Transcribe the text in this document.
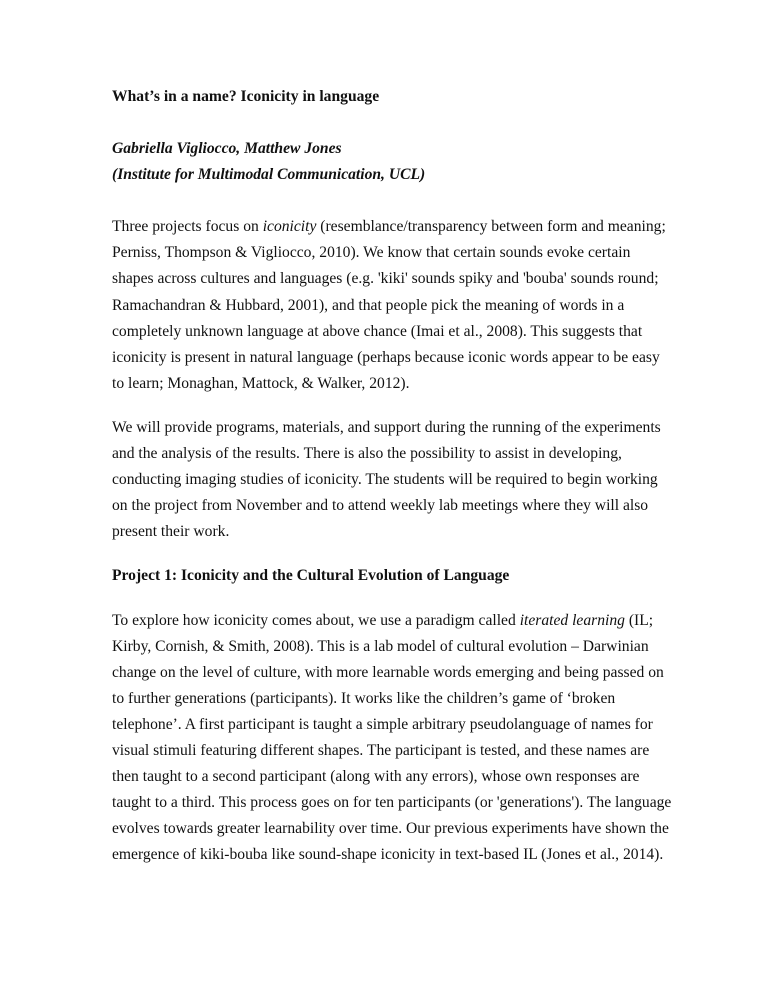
What’s in a name? Iconicity in language
Gabriella Vigliocco, Matthew Jones
(Institute for Multimodal Communication, UCL)
Three projects focus on iconicity (resemblance/transparency between form and meaning;
Perniss, Thompson & Vigliocco, 2010). We know that certain sounds evoke certain
shapes across cultures and languages (e.g. 'kiki' sounds spiky and 'bouba' sounds round;
Ramachandran & Hubbard, 2001), and that people pick the meaning of words in a
completely unknown language at above chance (Imai et al., 2008). This suggests that
iconicity is present in natural language (perhaps because iconic words appear to be easy
to learn; Monaghan, Mattock, & Walker, 2012).
We will provide programs, materials, and support during the running of the experiments
and the analysis of the results. There is also the possibility to assist in developing,
conducting imaging studies of iconicity. The students will be required to begin working
on the project from November and to attend weekly lab meetings where they will also
present their work.
Project 1: Iconicity and the Cultural Evolution of Language
To explore how iconicity comes about, we use a paradigm called iterated learning (IL;
Kirby, Cornish, & Smith, 2008). This is a lab model of cultural evolution – Darwinian
change on the level of culture, with more learnable words emerging and being passed on
to further generations (participants). It works like the children’s game of ‘broken
telephone’. A first participant is taught a simple arbitrary pseudolanguage of names for
visual stimuli featuring different shapes. The participant is tested, and these names are
then taught to a second participant (along with any errors), whose own responses are
taught to a third. This process goes on for ten participants (or 'generations'). The language
evolves towards greater learnability over time. Our previous experiments have shown the
emergence of kiki-bouba like sound-shape iconicity in text-based IL (Jones et al., 2014).
